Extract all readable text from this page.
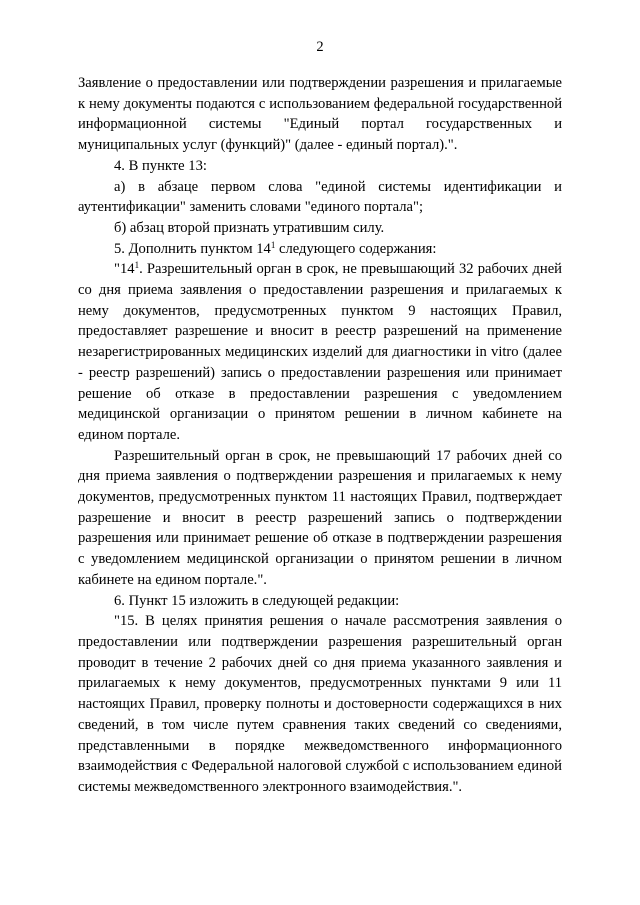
2

Заявление о предоставлении или подтверждении разрешения и прилагаемые к нему документы подаются с использованием федеральной государственной информационной системы "Единый портал государственных и муниципальных услуг (функций)" (далее - единый портал).".

4. В пункте 13:

а) в абзаце первом слова "единой системы идентификации и аутентификации" заменить словами "единого портала";

б) абзац второй признать утратившим силу.

5. Дополнить пунктом $14^1$ следующего содержания:

"$14^1$. Разрешительный орган в срок, не превышающий 32 рабочих дней со дня приема заявления о предоставлении разрешения и прилагаемых к нему документов, предусмотренных пунктом 9 настоящих Правил, предоставляет разрешение и вносит в реестр разрешений на применение незарегистрированных медицинских изделий для диагностики in vitro (далее - реестр разрешений) запись о предоставлении разрешения или принимает решение об отказе в предоставлении разрешения с уведомлением медицинской организации о принятом решении в личном кабинете на едином портале.

Разрешительный орган в срок, не превышающий 17 рабочих дней со дня приема заявления о подтверждении разрешения и прилагаемых к нему документов, предусмотренных пунктом 11 настоящих Правил, подтверждает разрешение и вносит в реестр разрешений запись о подтверждении разрешения или принимает решение об отказе в подтверждении разрешения с уведомлением медицинской организации о принятом решении в личном кабинете на едином портале.".

6. Пункт 15 изложить в следующей редакции:

"15. В целях принятия решения о начале рассмотрения заявления о предоставлении или подтверждении разрешения разрешительный орган проводит в течение 2 рабочих дней со дня приема указанного заявления и прилагаемых к нему документов, предусмотренных пунктами 9 или 11 настоящих Правил, проверку полноты и достоверности содержащихся в них сведений, в том числе путем сравнения таких сведений со сведениями, представленными в порядке межведомственного информационного взаимодействия с Федеральной налоговой службой с использованием единой системы межведомственного электронного взаимодействия.".
